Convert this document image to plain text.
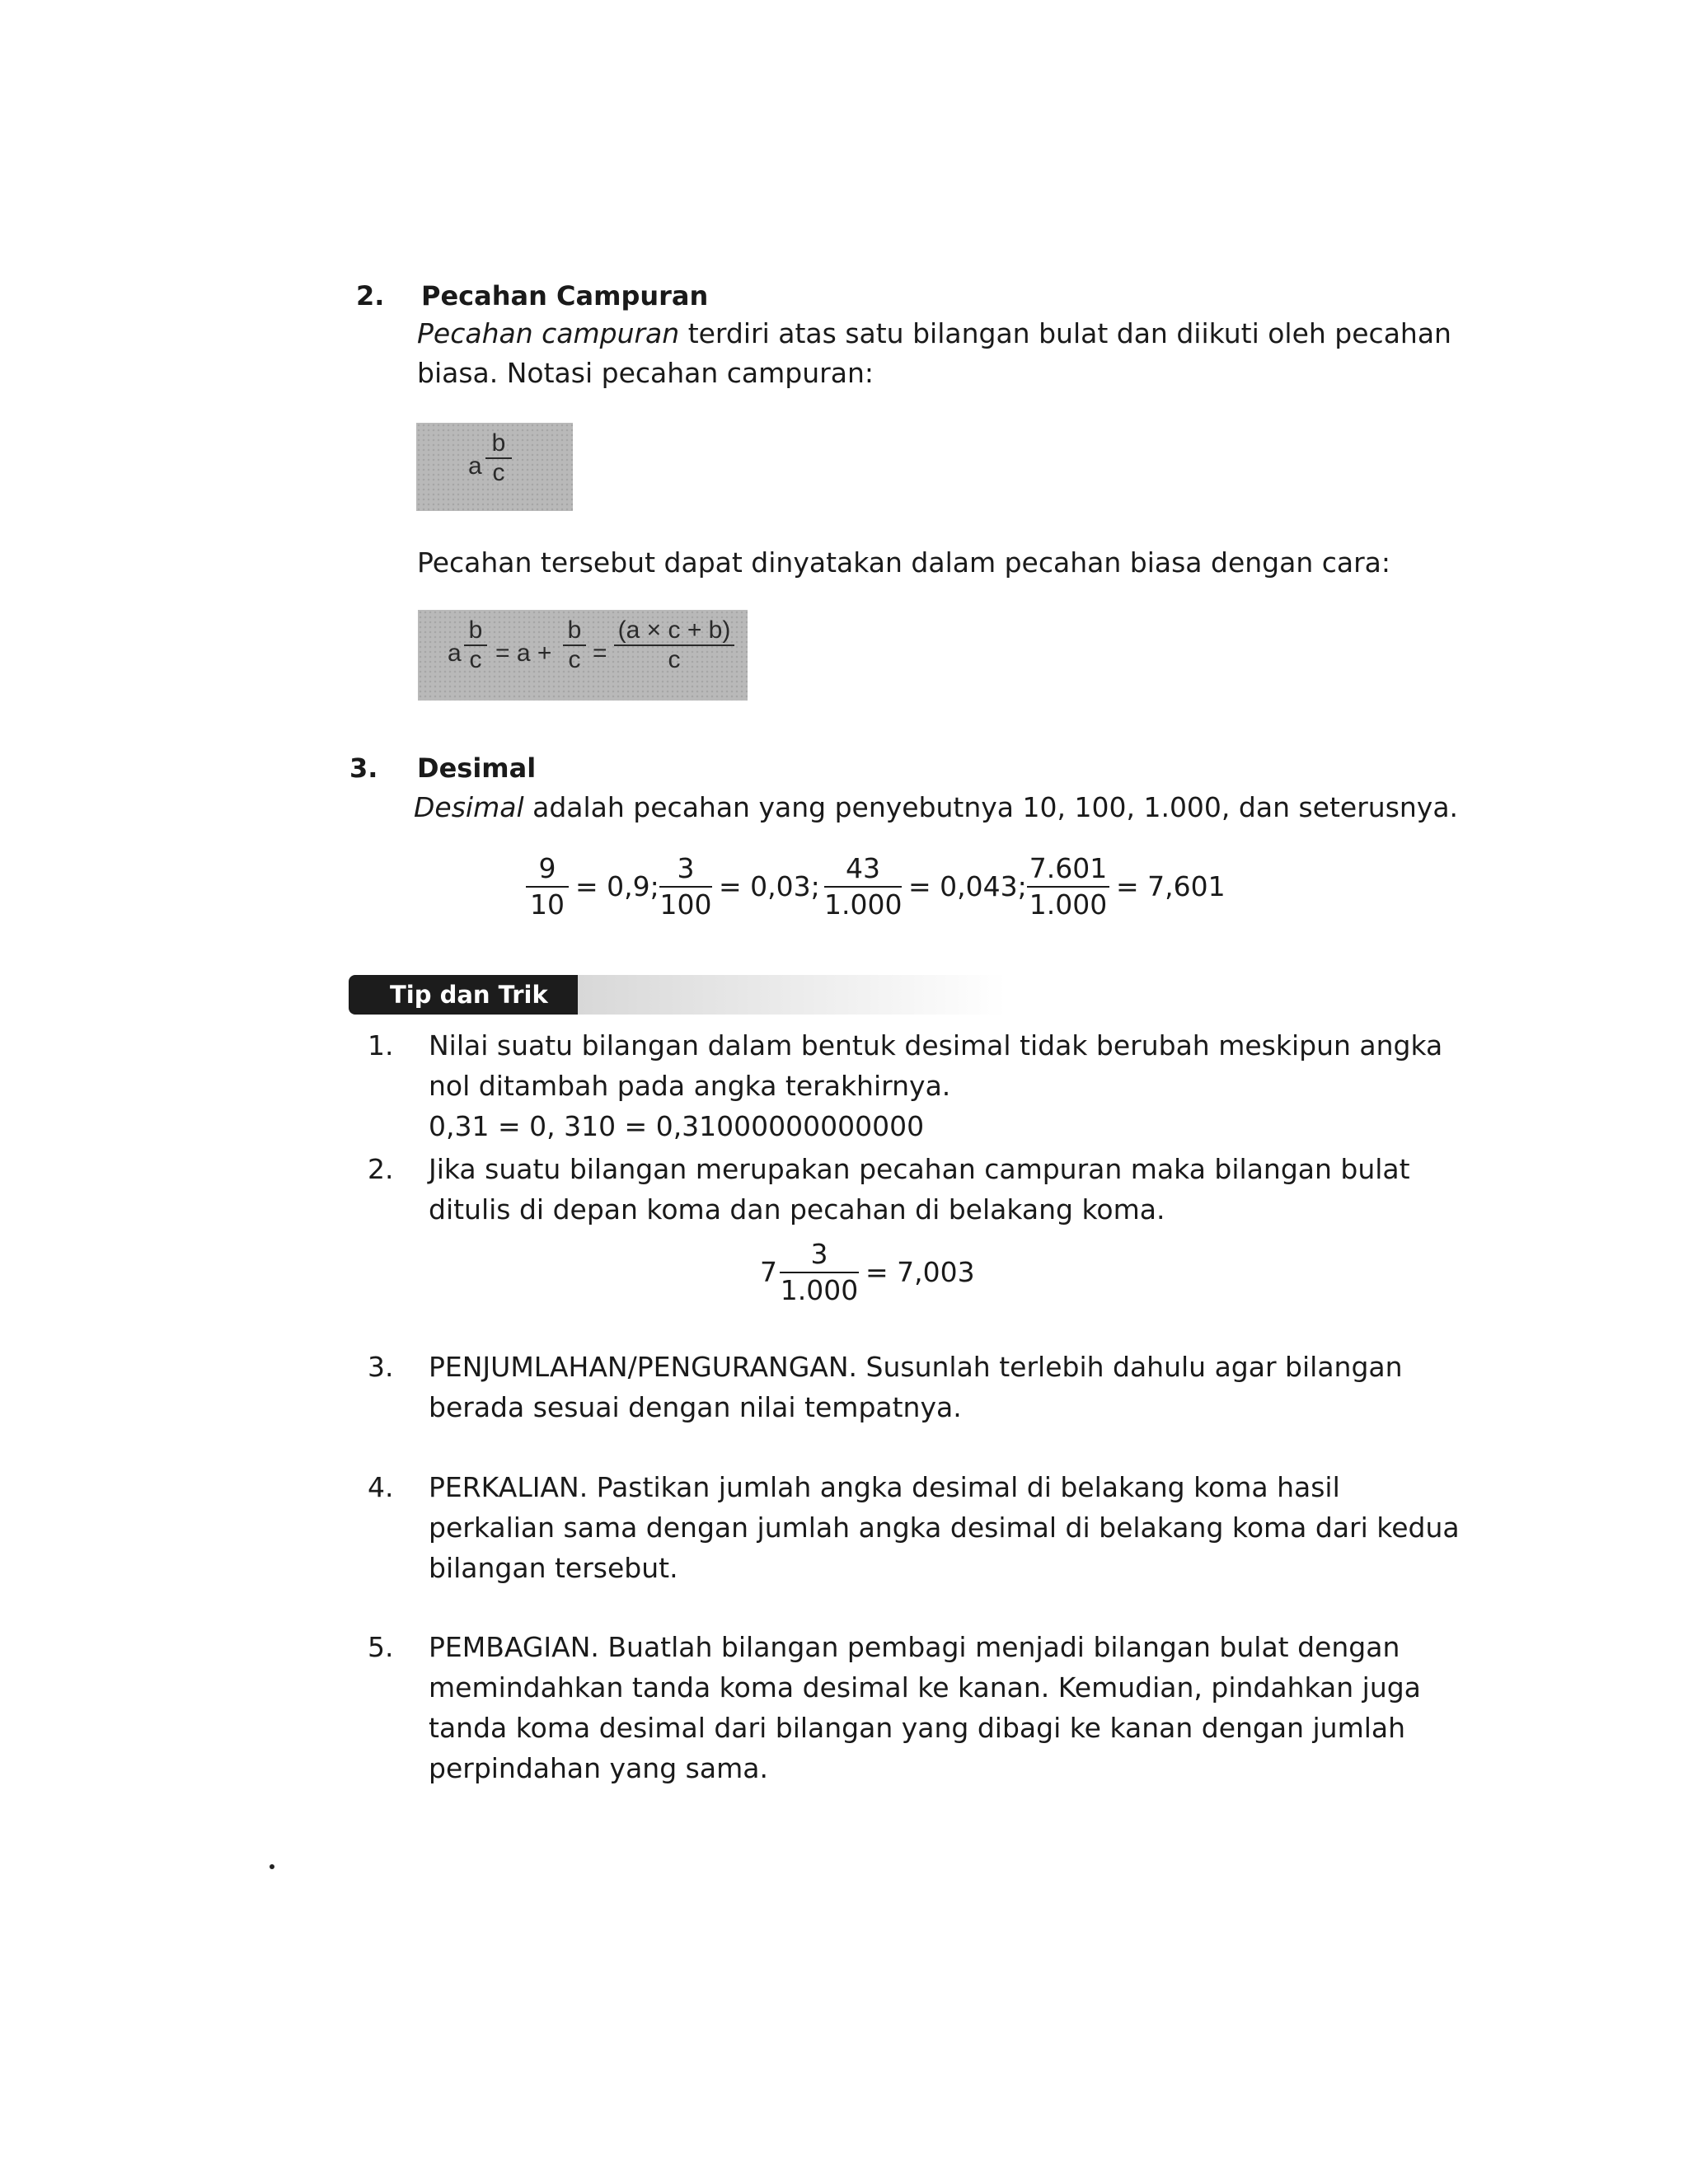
2. Pecahan Campuran
Pecahan campuran terdiri atas satu bilangan bulat dan diikuti oleh pecahan
biasa. Notasi pecahan campuran:
a
b
c
Pecahan tersebut dapat dinyatakan dalam pecahan biasa dengan cara:
a
b
c = a +
b
c =
(a × c + b)
c
3. Desimal
Desimal adalah pecahan yang penyebutnya 10, 100, 1.000, dan seterusnya.
9
10
= 0,9;
3
100
= 0,03;
43
1.000
= 0,043;
7.601
1.000
= 7,601
Tip dan Trik
1. Nilai suatu bilangan dalam bentuk desimal tidak berubah meskipun angka
nol ditambah pada angka terakhirnya.
0,31 = 0, 310 = 0,31000000000000
2. Jika suatu bilangan merupakan pecahan campuran maka bilangan bulat
ditulis di depan koma dan pecahan di belakang koma.
7
3
1.000
= 7,003
3. PENJUMLAHAN/PENGURANGAN. Susunlah terlebih dahulu agar bilangan
berada sesuai dengan nilai tempatnya.
4. PERKALIAN. Pastikan jumlah angka desimal di belakang koma hasil
perkalian sama dengan jumlah angka desimal di belakang koma dari kedua
bilangan tersebut.
5. PEMBAGIAN. Buatlah bilangan pembagi menjadi bilangan bulat dengan
memindahkan tanda koma desimal ke kanan. Kemudian, pindahkan juga
tanda koma desimal dari bilangan yang dibagi ke kanan dengan jumlah
perpindahan yang sama.
